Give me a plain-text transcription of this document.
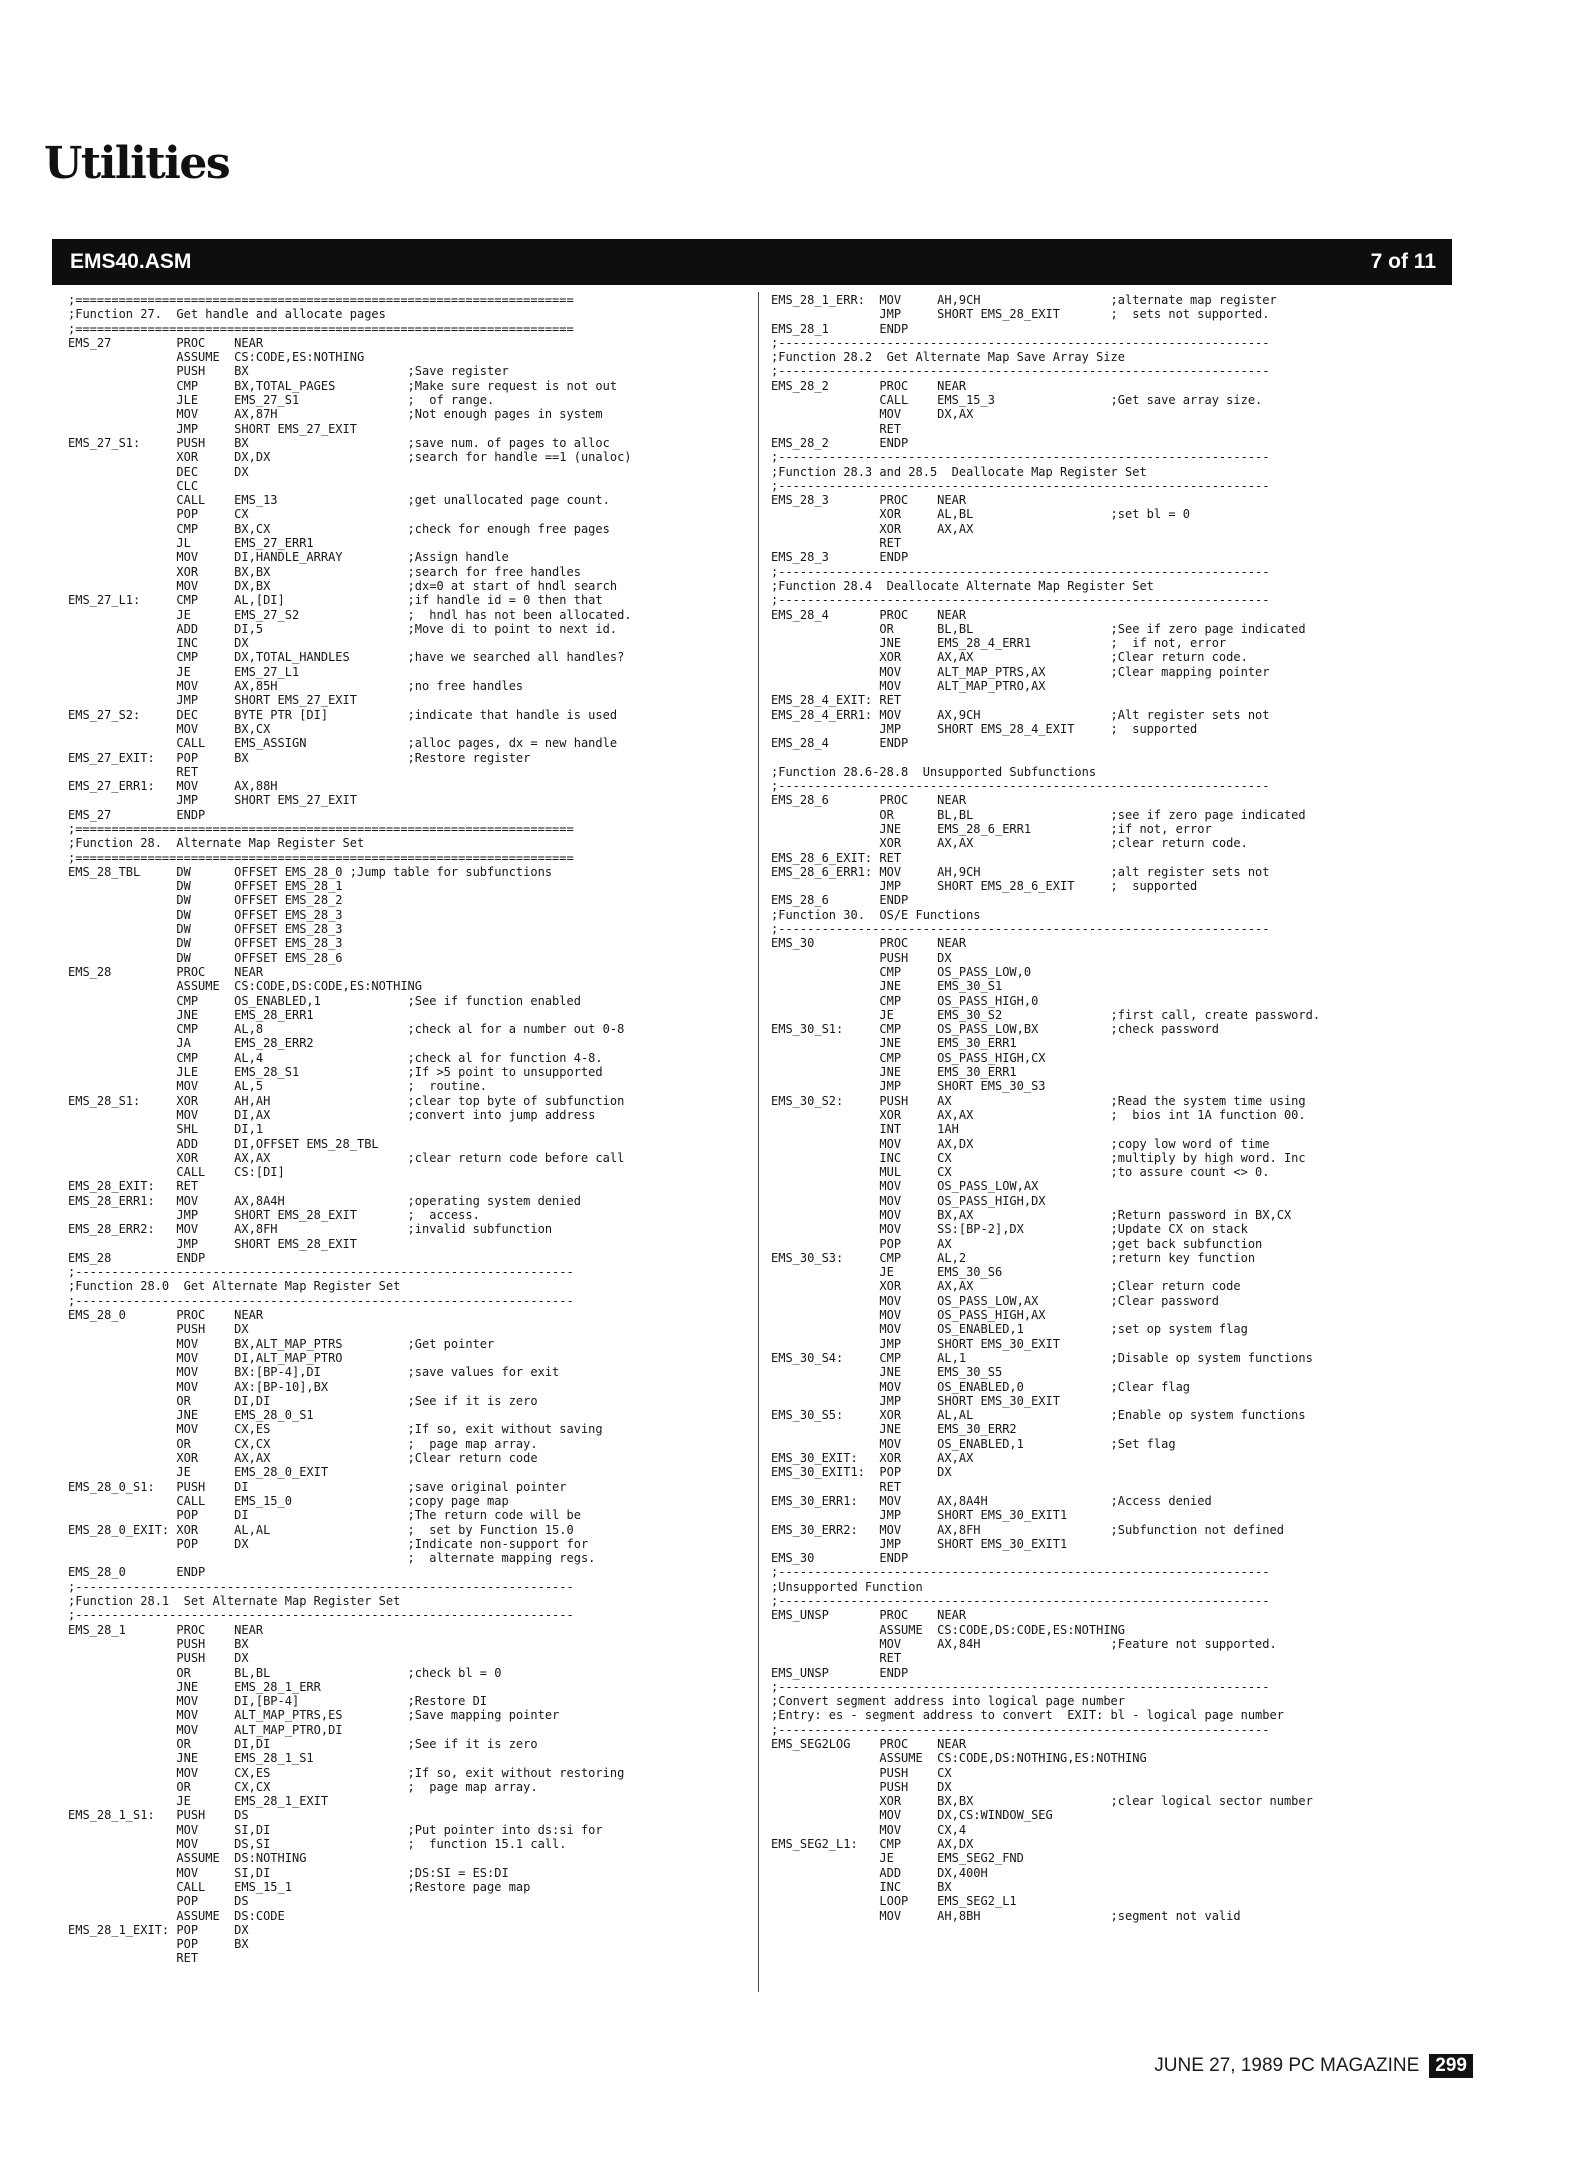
Utilities
EMS40.ASM	7 of 11
;=====================================================================
;Function 27.  Get handle and allocate pages
;=====================================================================
EMS_27         PROC    NEAR
ASSUME  CS:CODE,ES:NOTHING
PUSH    BX                      ;Save register
CMP     BX,TOTAL_PAGES          ;Make sure request is not out
JLE     EMS_27_S1               ;  of range.
MOV     AX,87H                  ;Not enough pages in system
JMP     SHORT EMS_27_EXIT
EMS_27_S1:     PUSH    BX                      ;save num. of pages to alloc
XOR     DX,DX                   ;search for handle ==1 (unaloc)
DEC     DX
CLC
CALL    EMS_13                  ;get unallocated page count.
POP     CX
CMP     BX,CX                   ;check for enough free pages
JL      EMS_27_ERR1
MOV     DI,HANDLE_ARRAY         ;Assign handle
XOR     BX,BX                   ;search for free handles
MOV     DX,BX                   ;dx=0 at start of hndl search
EMS_27_L1:     CMP     AL,[DI]                 ;if handle id = 0 then that
JE      EMS_27_S2               ;  hndl has not been allocated.
ADD     DI,5                    ;Move di to point to next id.
INC     DX
CMP     DX,TOTAL_HANDLES        ;have we searched all handles?
JE      EMS_27_L1
MOV     AX,85H                  ;no free handles
JMP     SHORT EMS_27_EXIT
EMS_27_S2:     DEC     BYTE PTR [DI]           ;indicate that handle is used
MOV     BX,CX
CALL    EMS_ASSIGN              ;alloc pages, dx = new handle
EMS_27_EXIT:   POP     BX                      ;Restore register
RET
EMS_27_ERR1:   MOV     AX,88H
JMP     SHORT EMS_27_EXIT
EMS_27         ENDP
;=====================================================================
;Function 28.  Alternate Map Register Set
;=====================================================================
EMS_28_TBL     DW      OFFSET EMS_28_0 ;Jump table for subfunctions
DW      OFFSET EMS_28_1
DW      OFFSET EMS_28_2
DW      OFFSET EMS_28_3
DW      OFFSET EMS_28_3
DW      OFFSET EMS_28_3
DW      OFFSET EMS_28_6
EMS_28         PROC    NEAR
ASSUME  CS:CODE,DS:CODE,ES:NOTHING
CMP     OS_ENABLED,1            ;See if function enabled
JNE     EMS_28_ERR1
CMP     AL,8                    ;check al for a number out 0-8
JA      EMS_28_ERR2
CMP     AL,4                    ;check al for function 4-8.
JLE     EMS_28_S1               ;If >5 point to unsupported
MOV     AL,5                    ;  routine.
EMS_28_S1:     XOR     AH,AH                   ;clear top byte of subfunction
MOV     DI,AX                   ;convert into jump address
SHL     DI,1
ADD     DI,OFFSET EMS_28_TBL
XOR     AX,AX                   ;clear return code before call
CALL    CS:[DI]
EMS_28_EXIT:   RET
EMS_28_ERR1:   MOV     AX,8A4H                 ;operating system denied
JMP     SHORT EMS_28_EXIT       ;  access.
EMS_28_ERR2:   MOV     AX,8FH                  ;invalid subfunction
JMP     SHORT EMS_28_EXIT
EMS_28         ENDP
;---------------------------------------------------------------------
;Function 28.0  Get Alternate Map Register Set
;---------------------------------------------------------------------
EMS_28_0       PROC    NEAR
PUSH    DX
MOV     BX,ALT_MAP_PTRS         ;Get pointer
MOV     DI,ALT_MAP_PTRO
MOV     BX:[BP-4],DI            ;save values for exit
MOV     AX:[BP-10],BX
OR      DI,DI                   ;See if it is zero
JNE     EMS_28_0_S1
MOV     CX,ES                   ;If so, exit without saving
OR      CX,CX                   ;  page map array.
XOR     AX,AX                   ;Clear return code
JE      EMS_28_0_EXIT
EMS_28_0_S1:   PUSH    DI                      ;save original pointer
CALL    EMS_15_0                ;copy page map
POP     DI                      ;The return code will be
EMS_28_0_EXIT: XOR     AL,AL                   ;  set by Function 15.0
POP     DX                      ;Indicate non-support for
;  alternate mapping regs.
EMS_28_0       ENDP
;---------------------------------------------------------------------
;Function 28.1  Set Alternate Map Register Set
;---------------------------------------------------------------------
EMS_28_1       PROC    NEAR
PUSH    BX
PUSH    DX
OR      BL,BL                   ;check bl = 0
JNE     EMS_28_1_ERR
MOV     DI,[BP-4]               ;Restore DI
MOV     ALT_MAP_PTRS,ES         ;Save mapping pointer
MOV     ALT_MAP_PTRO,DI
OR      DI,DI                   ;See if it is zero
JNE     EMS_28_1_S1
MOV     CX,ES                   ;If so, exit without restoring
OR      CX,CX                   ;  page map array.
JE      EMS_28_1_EXIT
EMS_28_1_S1:   PUSH    DS
MOV     SI,DI                   ;Put pointer into ds:si for
MOV     DS,SI                   ;  function 15.1 call.
ASSUME  DS:NOTHING
MOV     SI,DI                   ;DS:SI = ES:DI
CALL    EMS_15_1                ;Restore page map
POP     DS
ASSUME  DS:CODE
EMS_28_1_EXIT: POP     DX
POP     BX
RET
EMS_28_1_ERR:  MOV     AH,9CH                  ;alternate map register
JMP     SHORT EMS_28_EXIT       ;  sets not supported.
EMS_28_1       ENDP
;--------------------------------------------------------------------
;Function 28.2  Get Alternate Map Save Array Size
;--------------------------------------------------------------------
EMS_28_2       PROC    NEAR
CALL    EMS_15_3                ;Get save array size.
MOV     DX,AX
RET
EMS_28_2       ENDP
;--------------------------------------------------------------------
;Function 28.3 and 28.5  Deallocate Map Register Set
;--------------------------------------------------------------------
EMS_28_3       PROC    NEAR
XOR     AL,BL                   ;set bl = 0
XOR     AX,AX
RET
EMS_28_3       ENDP
;--------------------------------------------------------------------
;Function 28.4  Deallocate Alternate Map Register Set
;--------------------------------------------------------------------
EMS_28_4       PROC    NEAR
OR      BL,BL                   ;See if zero page indicated
JNE     EMS_28_4_ERR1           ;  if not, error
XOR     AX,AX                   ;Clear return code.
MOV     ALT_MAP_PTRS,AX         ;Clear mapping pointer
MOV     ALT_MAP_PTRO,AX
EMS_28_4_EXIT: RET
EMS_28_4_ERR1: MOV     AX,9CH                  ;Alt register sets not
JMP     SHORT EMS_28_4_EXIT     ;  supported
EMS_28_4       ENDP

;Function 28.6-28.8  Unsupported Subfunctions
;--------------------------------------------------------------------
EMS_28_6       PROC    NEAR
OR      BL,BL                   ;see if zero page indicated
JNE     EMS_28_6_ERR1           ;if not, error
XOR     AX,AX                   ;clear return code.
EMS_28_6_EXIT: RET
EMS_28_6_ERR1: MOV     AH,9CH                  ;alt register sets not
JMP     SHORT EMS_28_6_EXIT     ;  supported
EMS_28_6       ENDP
;Function 30.  OS/E Functions
;--------------------------------------------------------------------
EMS_30         PROC    NEAR
PUSH    DX
CMP     OS_PASS_LOW,0
JNE     EMS_30_S1
CMP     OS_PASS_HIGH,0
JE      EMS_30_S2               ;first call, create password.
EMS_30_S1:     CMP     OS_PASS_LOW,BX          ;check password
JNE     EMS_30_ERR1
CMP     OS_PASS_HIGH,CX
JNE     EMS_30_ERR1
JMP     SHORT EMS_30_S3
EMS_30_S2:     PUSH    AX                      ;Read the system time using
XOR     AX,AX                   ;  bios int 1A function 00.
INT     1AH
MOV     AX,DX                   ;copy low word of time
INC     CX                      ;multiply by high word. Inc
MUL     CX                      ;to assure count <> 0.
MOV     OS_PASS_LOW,AX
MOV     OS_PASS_HIGH,DX
MOV     BX,AX                   ;Return password in BX,CX
MOV     SS:[BP-2],DX            ;Update CX on stack
POP     AX                      ;get back subfunction
EMS_30_S3:     CMP     AL,2                    ;return key function
JE      EMS_30_S6
XOR     AX,AX                   ;Clear return code
MOV     OS_PASS_LOW,AX          ;Clear password
MOV     OS_PASS_HIGH,AX
MOV     OS_ENABLED,1            ;set op system flag
JMP     SHORT EMS_30_EXIT
EMS_30_S4:     CMP     AL,1                    ;Disable op system functions
JNE     EMS_30_S5
MOV     OS_ENABLED,0            ;Clear flag
JMP     SHORT EMS_30_EXIT
EMS_30_S5:     XOR     AL,AL                   ;Enable op system functions
JNE     EMS_30_ERR2
MOV     OS_ENABLED,1            ;Set flag
EMS_30_EXIT:   XOR     AX,AX
EMS_30_EXIT1:  POP     DX
RET
EMS_30_ERR1:   MOV     AX,8A4H                 ;Access denied
JMP     SHORT EMS_30_EXIT1
EMS_30_ERR2:   MOV     AX,8FH                  ;Subfunction not defined
JMP     SHORT EMS_30_EXIT1
EMS_30         ENDP
;--------------------------------------------------------------------
;Unsupported Function
;--------------------------------------------------------------------
EMS_UNSP       PROC    NEAR
ASSUME  CS:CODE,DS:CODE,ES:NOTHING
MOV     AX,84H                  ;Feature not supported.
RET
EMS_UNSP       ENDP
;--------------------------------------------------------------------
;Convert segment address into logical page number
;Entry: es - segment address to convert  EXIT: bl - logical page number
;--------------------------------------------------------------------
EMS_SEG2LOG    PROC    NEAR
ASSUME  CS:CODE,DS:NOTHING,ES:NOTHING
PUSH    CX
PUSH    DX
XOR     BX,BX                   ;clear logical sector number
MOV     DX,CS:WINDOW_SEG
MOV     CX,4
EMS_SEG2_L1:   CMP     AX,DX
JE      EMS_SEG2_FND
ADD     DX,400H
INC     BX
LOOP    EMS_SEG2_L1
MOV     AH,8BH                  ;segment not valid
JUNE 27, 1989 PC MAGAZINE 299
